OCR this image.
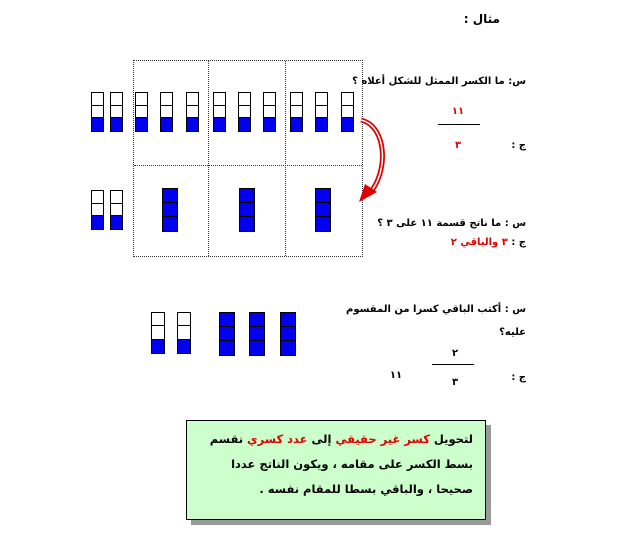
مثال :
س: ما الكسر الممثل للشكل أعلاه ؟
١١
٣	ج :
س : ما ناتج قسمة ١١ على ٣ ؟
ج : ٣ والباقي ٢
س : أكتب الباقي كسرا من المقسوم
عليه؟
٢
١١
٣	ج :
لتحويل كسر غير حقيقي إلى عدد كسري نقسم بسط الكسر على مقامه ، ويكون الناتج عددا صحيحا ، والباقي بسطا للمقام نفسه .
